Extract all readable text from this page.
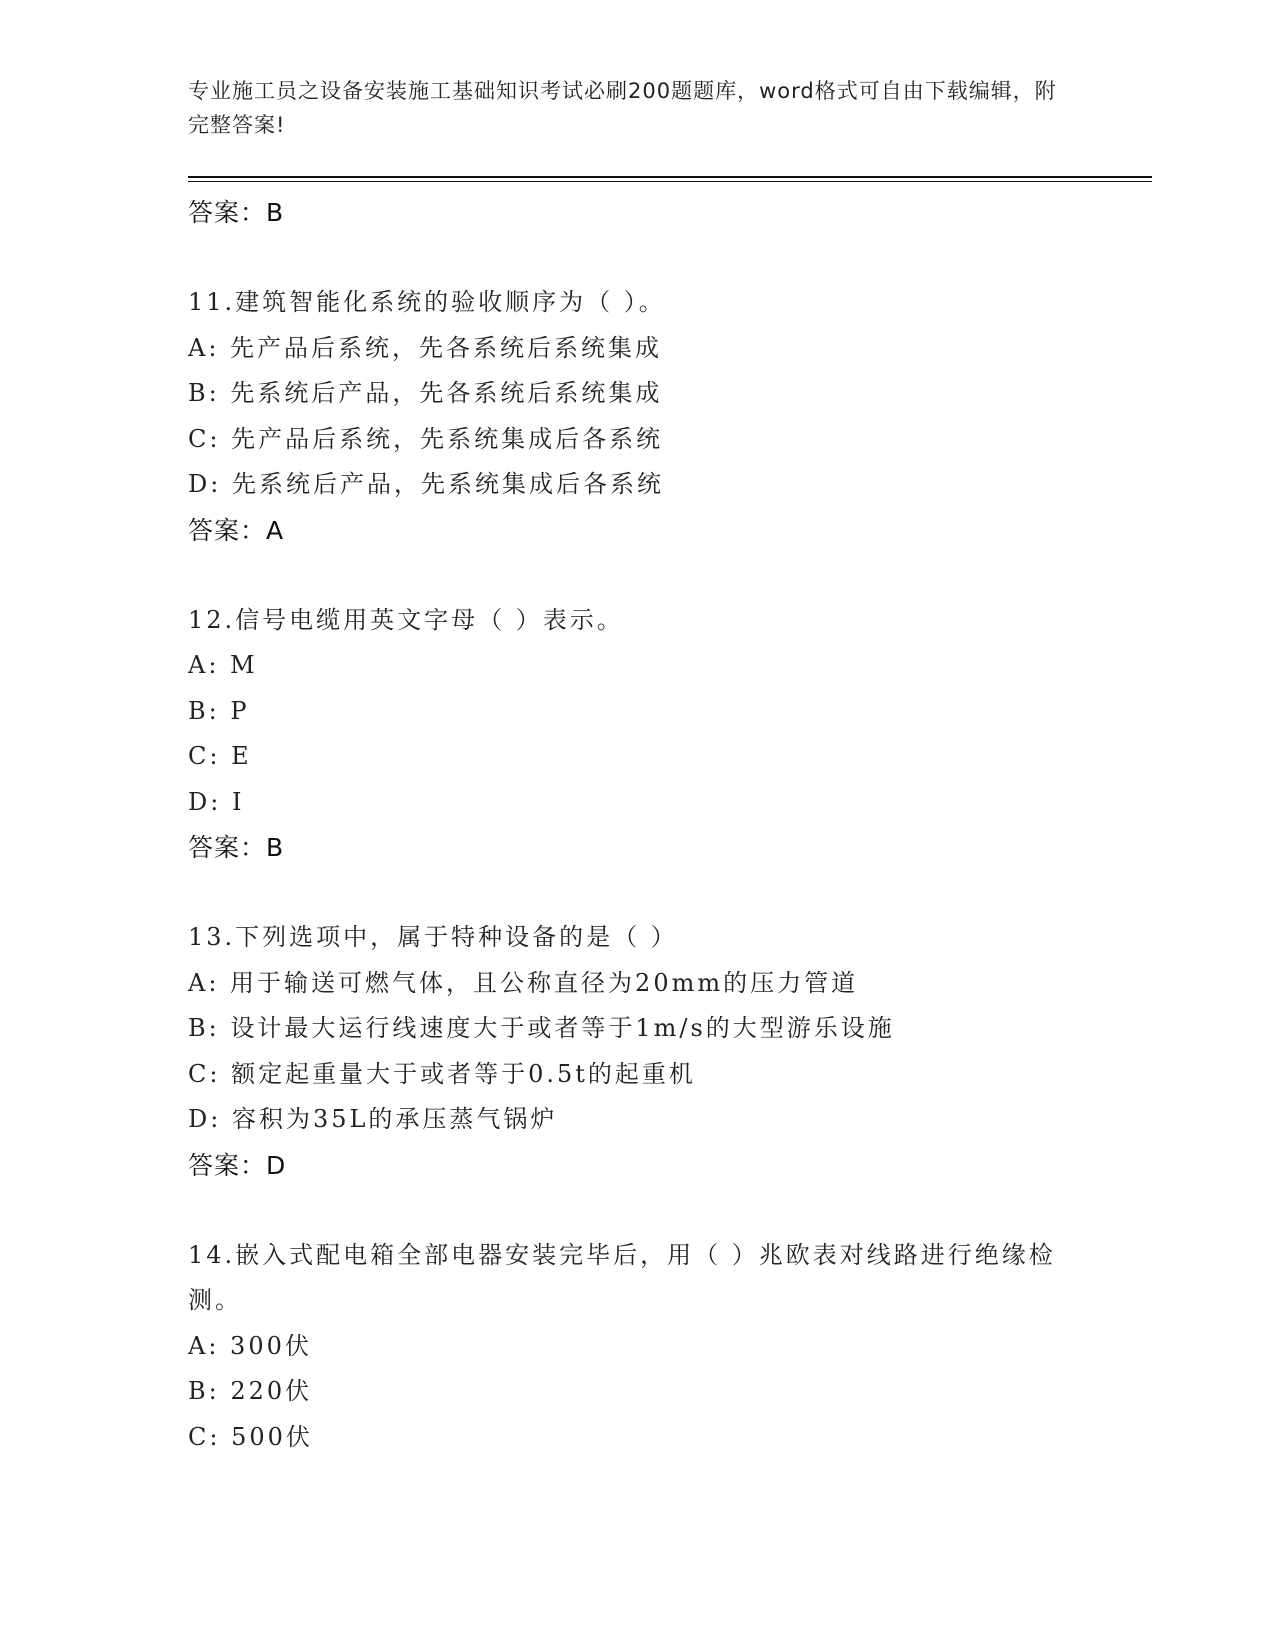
专业施工员之设备安装施工基础知识考试必刷200题题库，word格式可自由下载编辑，附完整答案!
答案：B
11.建筑智能化系统的验收顺序为（ ）。
A: 先产品后系统，先各系统后系统集成
B: 先系统后产品，先各系统后系统集成
C: 先产品后系统，先系统集成后各系统
D: 先系统后产品，先系统集成后各系统
答案：A
12.信号电缆用英文字母（ ）表示。
A: M
B: P
C: E
D: I
答案：B
13.下列选项中，属于特种设备的是（ ）
A: 用于输送可燃气体，且公称直径为20mm的压力管道
B: 设计最大运行线速度大于或者等于1m/s的大型游乐设施
C: 额定起重量大于或者等于0.5t的起重机
D: 容积为35L的承压蒸气锅炉
答案：D
14.嵌入式配电箱全部电器安装完毕后，用（ ）兆欧表对线路进行绝缘检测。
A: 300伏
B: 220伏
C: 500伏
